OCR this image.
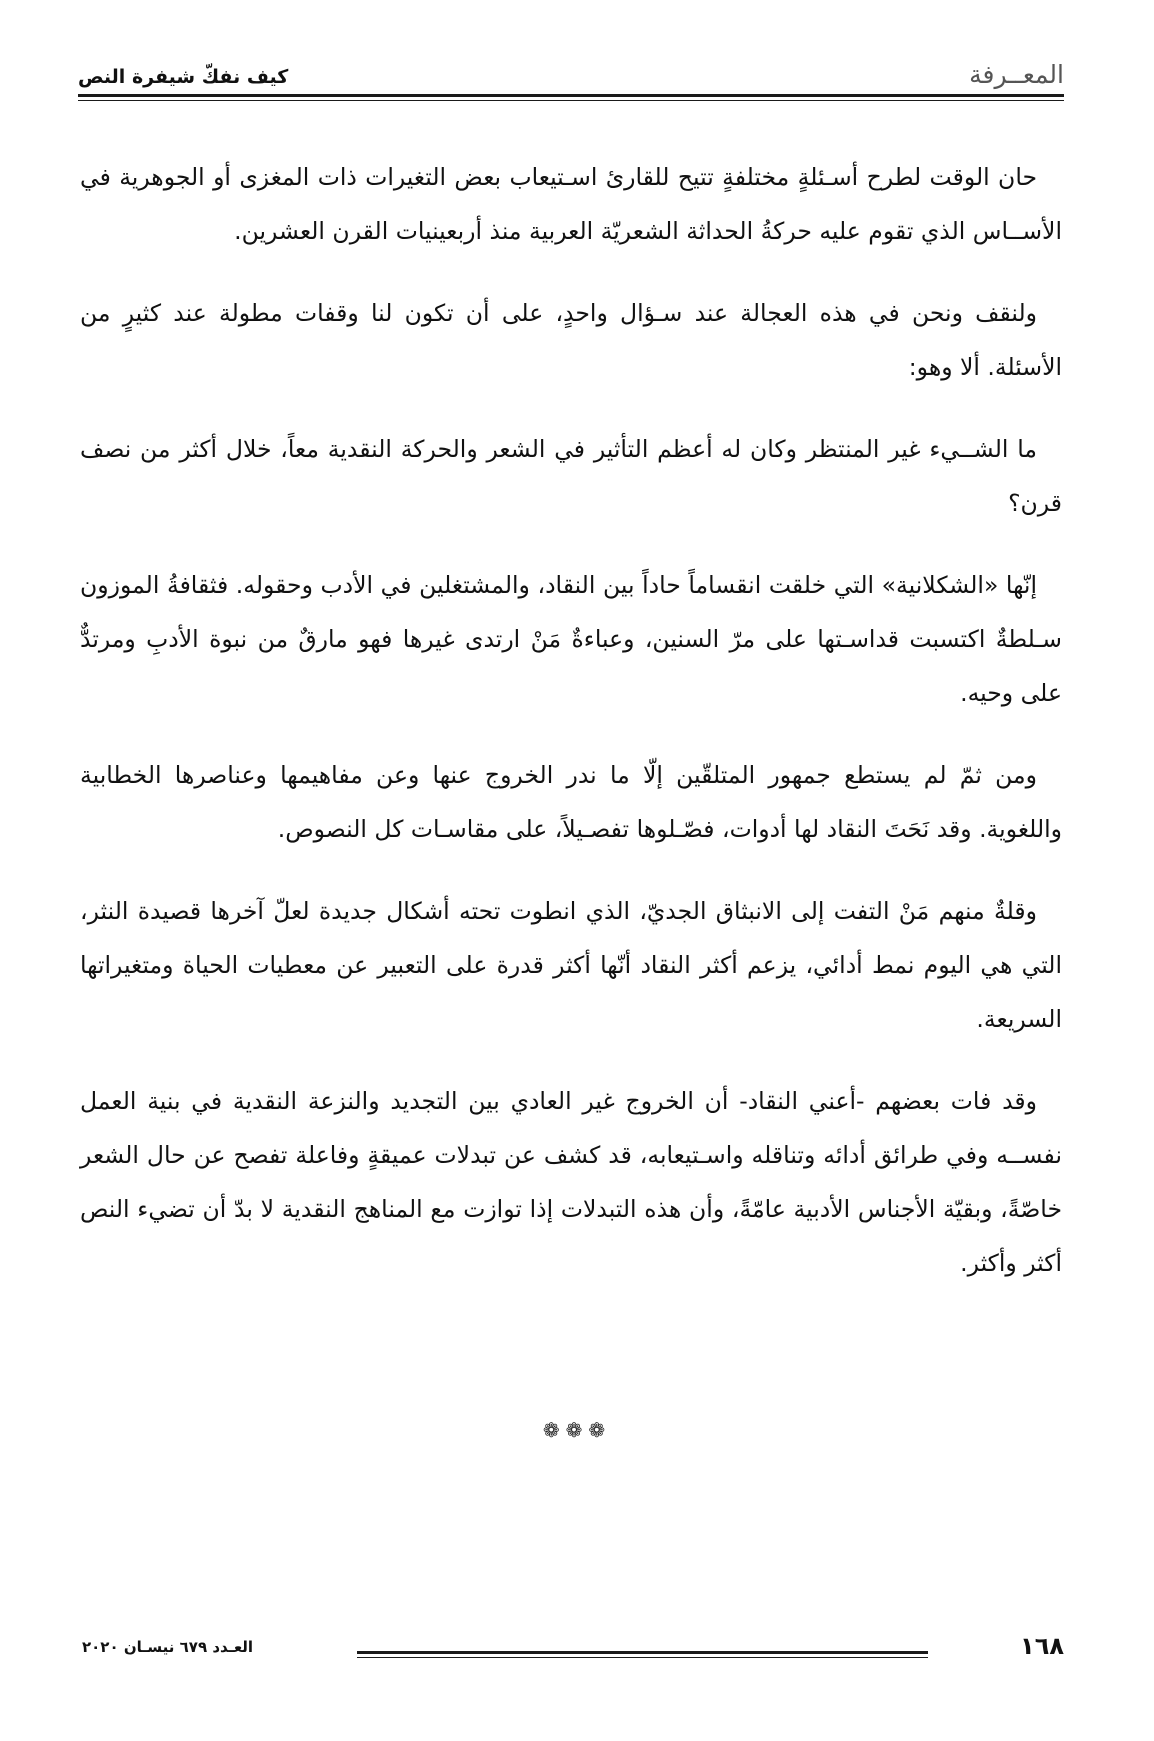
كيف نفكّ شيفرة النص	المعــرفة

حان الوقت لطرح أسـئلةٍ مختلفةٍ تتيح للقارئ اسـتيعاب بعض التغيرات ذات المغزى أو الجوهرية في الأســاس الذي تقوم عليه حركةُ الحداثة الشعريّة العربية منذ أربعينيات القرن العشرين.

ولنقف ونحن في هذه العجالة عند سـؤال واحدٍ، على أن تكون لنا وقفات مطولة عند كثيرٍ من الأسئلة. ألا وهو:

ما الشــيء غير المنتظر وكان له أعظم التأثير في الشعر والحركة النقدية معاً، خلال أكثر من نصف قرن؟

إنّها «الشكلانية» التي خلقت انقساماً حاداً بين النقاد، والمشتغلين في الأدب وحقوله. فثقافةُ الموزون سـلطةٌ اكتسبت قداسـتها على مرّ السنين، وعباءةٌ مَنْ ارتدى غيرها فهو مارقٌ من نبوة الأدبِ ومرتدٌّ على وحيه.

ومن ثمّ لم يستطع جمهور المتلقّين إلّا ما ندر الخروج عنها وعن مفاهيمها وعناصرها الخطابية واللغوية. وقد نَحَتَ النقاد لها أدوات، فصّـلوها تفصـيلاً، على مقاسـات كل النصوص.

وقلةٌ منهم مَنْ التفت إلى الانبثاق الجديّ، الذي انطوت تحته أشكال جديدة لعلّ آخرها قصيدة النثر، التي هي اليوم نمط أدائي، يزعم أكثر النقاد أنّها أكثر قدرة على التعبير عن معطيات الحياة ومتغيراتها السريعة.

وقد فات بعضهم -أعني النقاد- أن الخروج غير العادي بين التجديد والنزعة النقدية في بنية العمل نفســه وفي طرائق أدائه وتناقله واسـتيعابه، قد كشف عن تبدلات عميقةٍ وفاعلة تفصح عن حال الشعر خاصّةً، وبقيّة الأجناس الأدبية عامّةً، وأن هذه التبدلات إذا توازت مع المناهج النقدية لا بدّ أن تضيء النص أكثر وأكثر.

❁❁❁
١٦٨
العـدد ٦٧٩ نيسـان ٢٠٢٠
